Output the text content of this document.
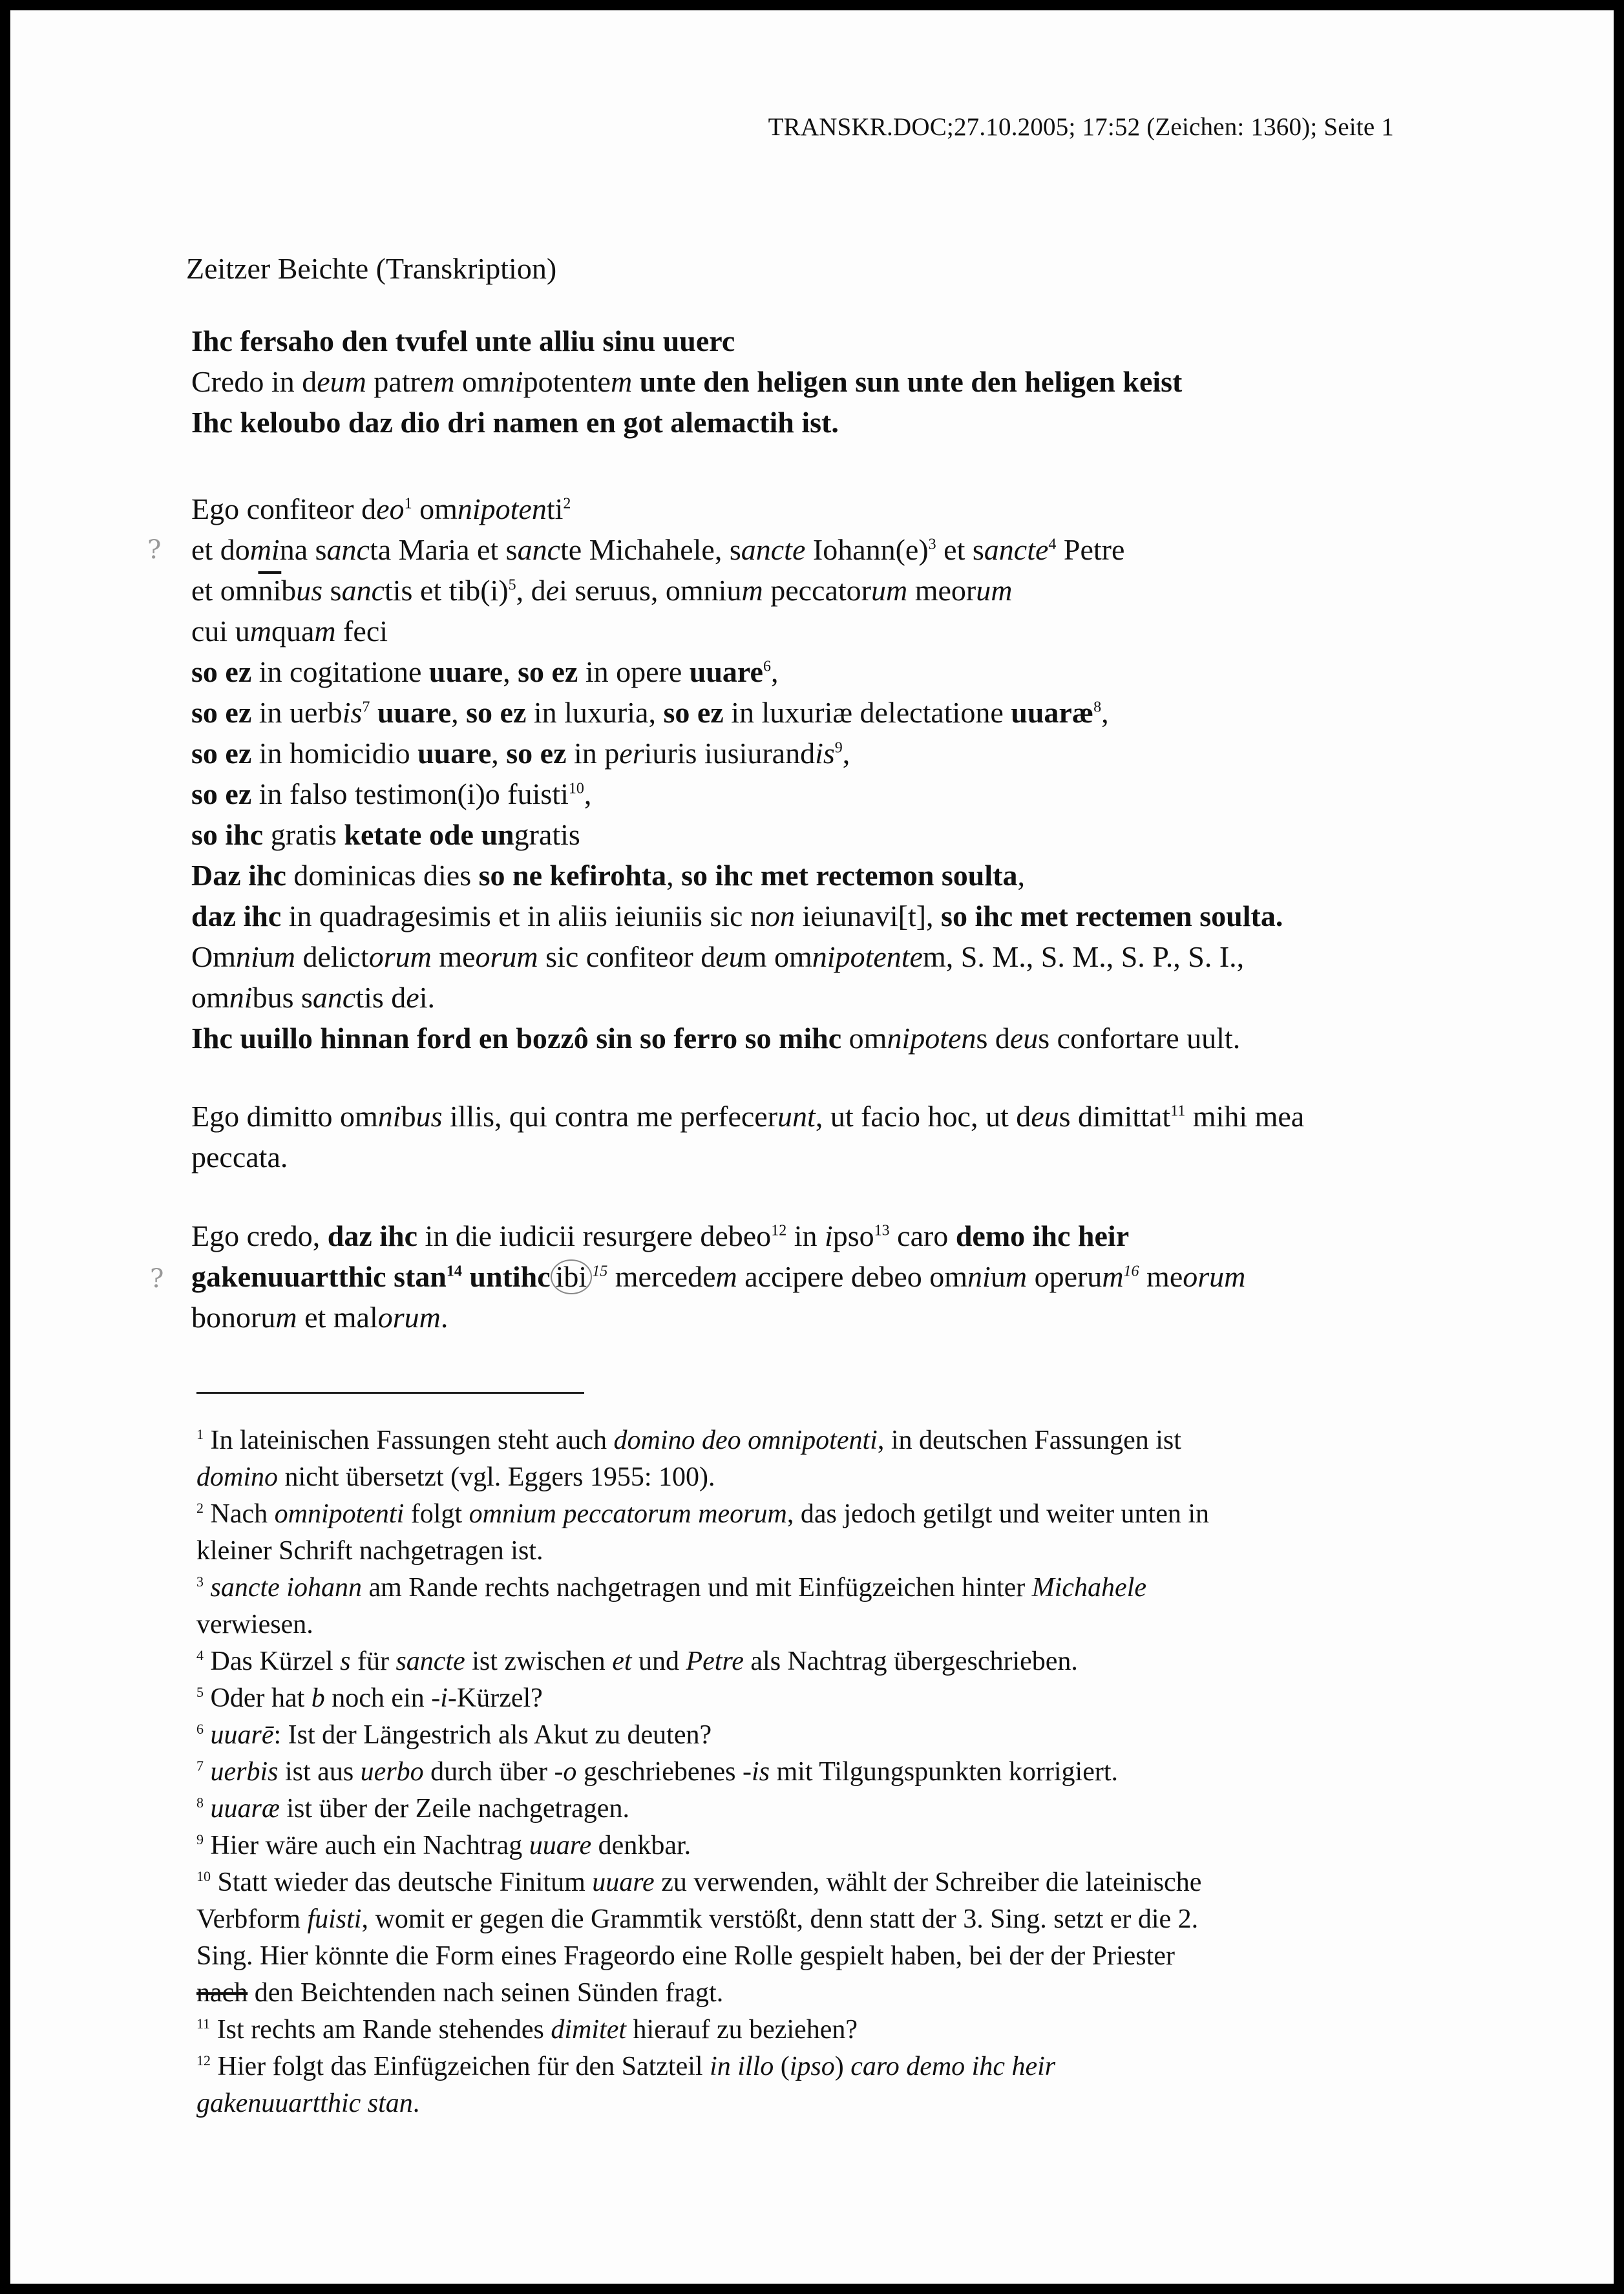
TRANSKR.DOC;27.10.2005; 17:52 (Zeichen: 1360); Seite 1
Zeitzer Beichte (Transkription)
?
?
Ihc fersaho den tvufel unte alliu sinu uuerc
Credo in deum patrem omnipotentem unte den heligen sun unte den heligen keist
Ihc keloubo daz dio dri namen en got alemactih ist.
Ego confiteor deo$^1$ omnipotenti$^2$
et domina sancta Maria et sancte Michahele, sancte $Iohann(e)^3$ et sancte$^4$ Petre
et $om\overline{ni}bus$ sanctis et $tib(i)^5$, dei seruus, omnium peccatorum meorum
cui umquam feci
so ez in cogitatione uuare, so ez in opere uuare$^6$,
so ez in uerbis$^7$ uuare, so ez in luxuria, so ez in luxuriæ delectatione uuaræ$^8$,
so ez in homicidio uuare, so ez in periuris iusiurandis$^9$,
so ez in falso testimon(i)o fuisti$^{10}$,
so ihc gratis ketate ode ungratis
Daz ihc dominicas dies so ne kefirohta, so ihc met rectemon soulta,
daz ihc in quadragesimis et in aliis ieiuniis sic non ieiunavi[t], so ihc met rectemen soulta.
Omnium delictorum meorum sic confiteor deum omnipotentem, S. M., S. M., S. P., S. I.,
omnibus sanctis dei.
Ihc uuillo hinnan ford en bozzô sin so ferro so mihc omnipotens deus confortare uult.
Ego dimitto omnibus illis, qui contra me perfecerunt, ut facio hoc, ut deus dimittat$^{11}$ mihi mea
peccata.
Ego credo, daz ihc in die iudicii resurgere debeo$^{12}$ in ipso$^{13}$ caro demo ihc heir
gakenuuartthic stan$^{14}$ untihc ibi $^{15}$ mercedem accipere debeo omnium operum$^{16}$ meorum
bonorum et malorum.
$^1$ In lateinischen Fassungen steht auch domino deo omnipotenti, in deutschen Fassungen ist
domino nicht übersetzt (vgl. Eggers 1955: 100).
$^2$ Nach omnipotenti folgt omnium peccatorum meorum, das jedoch getilgt und weiter unten in
kleiner Schrift nachgetragen ist.
$^3$ sancte iohann am Rande rechts nachgetragen und mit Einfügzeichen hinter Michahele
verwiesen.
$^4$ Das Kürzel s für sancte ist zwischen et und Petre als Nachtrag übergeschrieben.
$^5$ Oder hat b noch ein -i-Kürzel?
$^6$ uuarē: Ist der Längestrich als Akut zu deuten?
$^7$ uerbis ist aus uerbo durch über -o geschriebenes -is mit Tilgungspunkten korrigiert.
$^8$ uuaræ ist über der Zeile nachgetragen.
$^9$ Hier wäre auch ein Nachtrag uuare denkbar.
$^{10}$ Statt wieder das deutsche Finitum uuare zu verwenden, wählt der Schreiber die lateinische
Verbform fuisti, womit er gegen die Grammtik verstößt, denn statt der 3. Sing. setzt er die 2.
Sing. Hier könnte die Form eines Frageordo eine Rolle gespielt haben, bei der der Priester
nach den Beichtenden nach seinen Sünden fragt.
$^{11}$ Ist rechts am Rande stehendes dimitet hierauf zu beziehen?
$^{12}$ Hier folgt das Einfügzeichen für den Satzteil in illo (ipso) caro demo ihc heir
gakenuuartthic stan.
